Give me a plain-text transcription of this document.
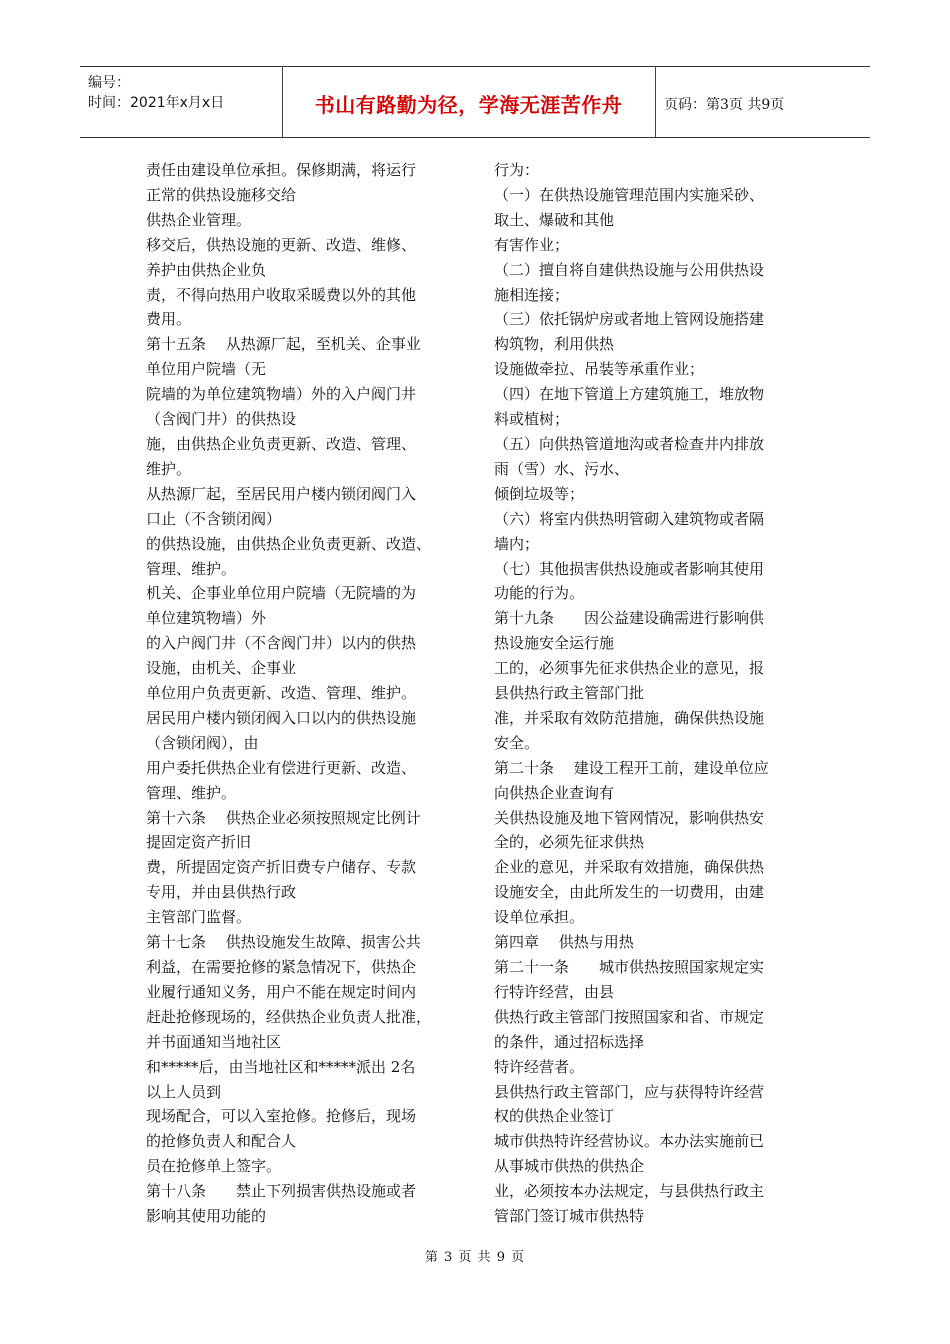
编号：
时间：2021年x月x日	书山有路勤为径，学海无涯苦作舟	页码：第3页 共9页

责任由建设单位承担。保修期满，将运行

正常的供热设施移交给

供热企业管理。

移交后，供热设施的更新、改造、维修、

养护由供热企业负

责，不得向热用户收取采暖费以外的其他

费用。

第十五条　 从热源厂起，至机关、企事业

单位用户院墙（无

院墙的为单位建筑物墙）外的入户阀门井

（含阀门井）的供热设

施，由供热企业负责更新、改造、管理、

维护。

从热源厂起，至居民用户楼内锁闭阀门入

口止（不含锁闭阀）

的供热设施，由供热企业负责更新、改造、

管理、维护。

机关、企事业单位用户院墙（无院墙的为

单位建筑物墙）外

的入户阀门井（不含阀门井）以内的供热

设施，由机关、企事业

单位用户负责更新、改造、管理、维护。

居民用户楼内锁闭阀入口以内的供热设施

（含锁闭阀），由

用户委托供热企业有偿进行更新、改造、

管理、维护。

第十六条　 供热企业必须按照规定比例计

提固定资产折旧

费，所提固定资产折旧费专户储存、专款

专用，并由县供热行政

主管部门监督。

第十七条　 供热设施发生故障、损害公共

利益，在需要抢修的紧急情况下，供热企

业履行通知义务，用户不能在规定时间内

赶赴抢修现场的，经供热企业负责人批准，

并书面通知当地社区

和*****后，由当地社区和*****派出 2名

以上人员到

现场配合，可以入室抢修。抢修后，现场

的抢修负责人和配合人

员在抢修单上签字。

第十八条　　禁止下列损害供热设施或者

影响其使用功能的

行为：

（一）在供热设施管理范围内实施采砂、

取土、爆破和其他

有害作业；

（二）擅自将自建供热设施与公用供热设

施相连接；

（三）依托锅炉房或者地上管网设施搭建

构筑物，利用供热

设施做牵拉、吊装等承重作业；

（四）在地下管道上方建筑施工，堆放物

料或植树；

（五）向供热管道地沟或者检查井内排放

雨（雪）水、污水、

倾倒垃圾等；

（六）将室内供热明管砌入建筑物或者隔

墙内；

（七）其他损害供热设施或者影响其使用

功能的行为。

第十九条　　因公益建设确需进行影响供

热设施安全运行施

工的，必须事先征求供热企业的意见，报

县供热行政主管部门批

准，并采取有效防范措施，确保供热设施

安全。

第二十条　 建设工程开工前，建设单位应

向供热企业查询有

关供热设施及地下管网情况，影响供热安

全的，必须先征求供热

企业的意见，并采取有效措施，确保供热

设施安全，由此所发生的一切费用，由建

设单位承担。

第四章　 供热与用热

第二十一条　　城市供热按照国家规定实

行特许经营，由县

供热行政主管部门按照国家和省、市规定

的条件，通过招标选择

特许经营者。

县供热行政主管部门，应与获得特许经营

权的供热企业签订

城市供热特许经营协议。本办法实施前已

从事城市供热的供热企

业，必须按本办法规定，与县供热行政主

管部门签订城市供热特

第 3 页 共 9 页
